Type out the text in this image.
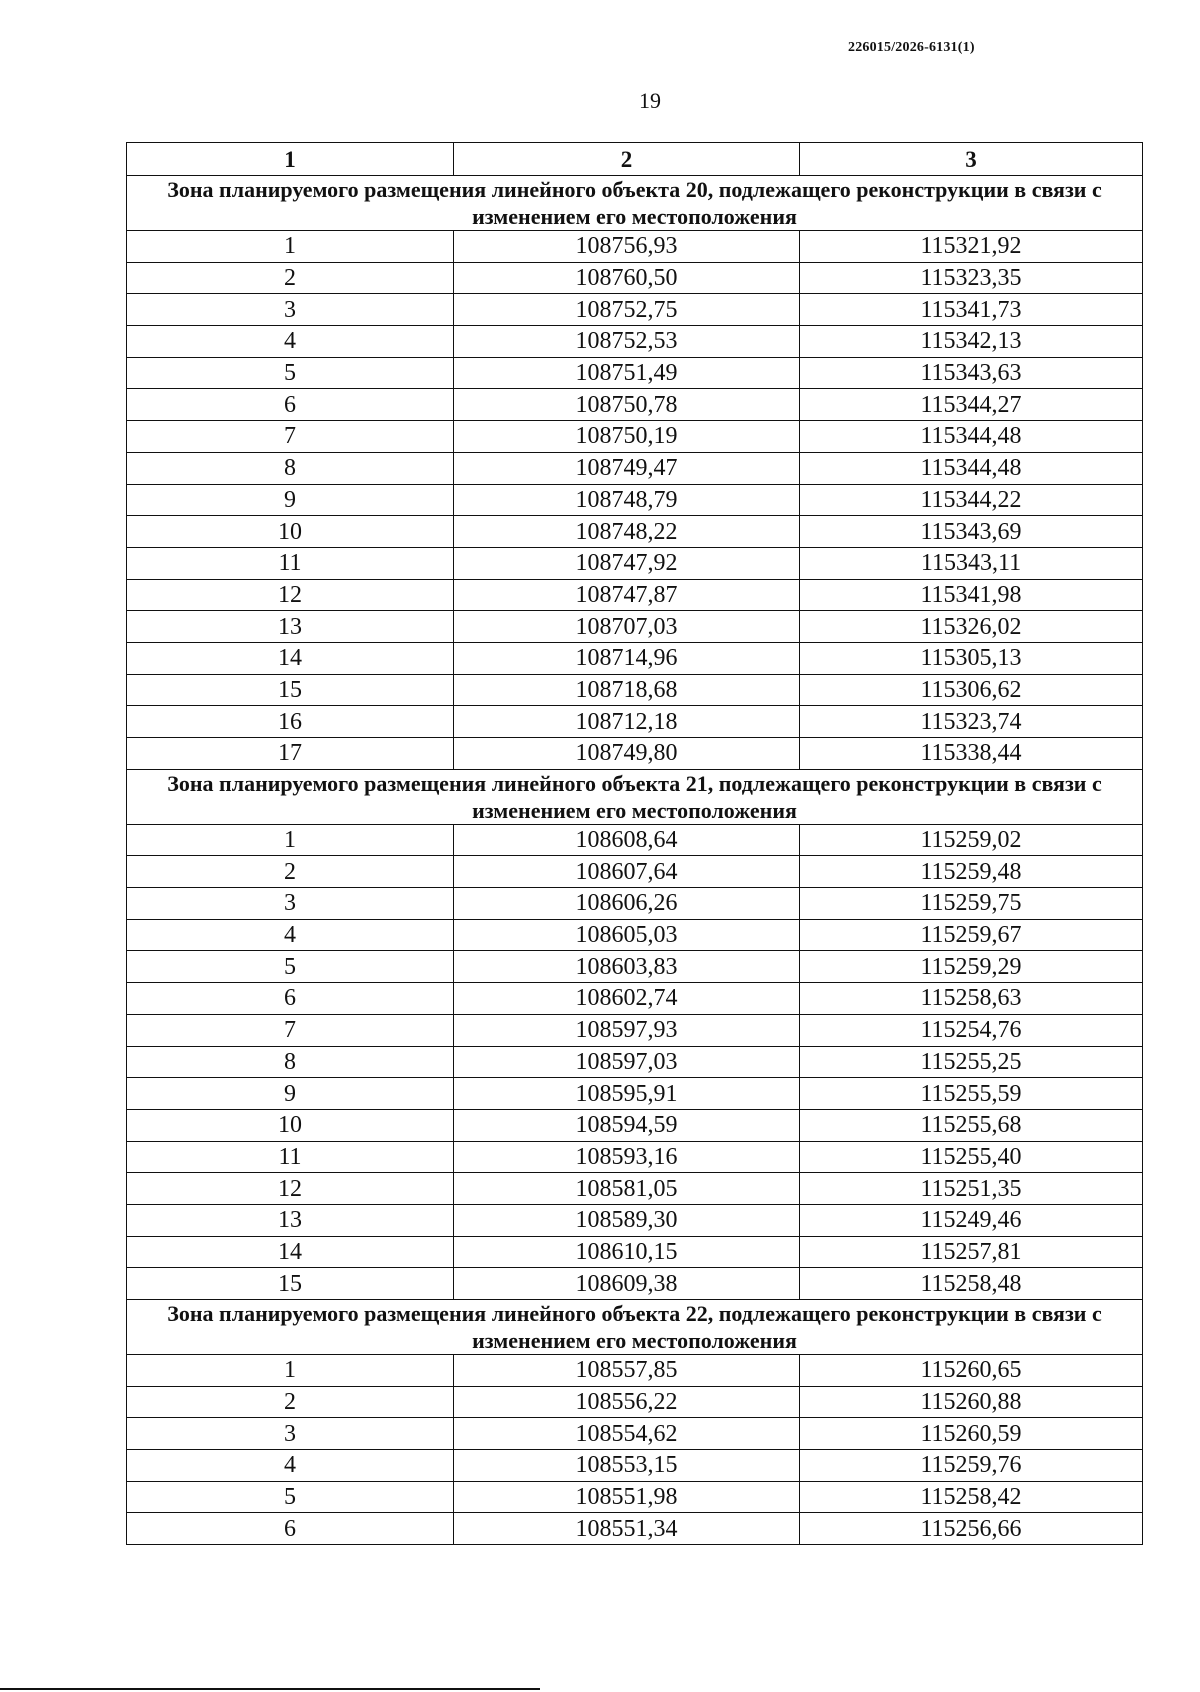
226015/2026-6131(1)
19
1	2	3
Зона планируемого размещения линейного объекта 20, подлежащего реконструкции в связи с изменением его местоположения		
1	108756,93	115321,92
2	108760,50	115323,35
3	108752,75	115341,73
4	108752,53	115342,13
5	108751,49	115343,63
6	108750,78	115344,27
7	108750,19	115344,48
8	108749,47	115344,48
9	108748,79	115344,22
10	108748,22	115343,69
11	108747,92	115343,11
12	108747,87	115341,98
13	108707,03	115326,02
14	108714,96	115305,13
15	108718,68	115306,62
16	108712,18	115323,74
17	108749,80	115338,44
Зона планируемого размещения линейного объекта 21, подлежащего реконструкции в связи с изменением его местоположения		
1	108608,64	115259,02
2	108607,64	115259,48
3	108606,26	115259,75
4	108605,03	115259,67
5	108603,83	115259,29
6	108602,74	115258,63
7	108597,93	115254,76
8	108597,03	115255,25
9	108595,91	115255,59
10	108594,59	115255,68
11	108593,16	115255,40
12	108581,05	115251,35
13	108589,30	115249,46
14	108610,15	115257,81
15	108609,38	115258,48
Зона планируемого размещения линейного объекта 22, подлежащего реконструкции в связи с изменением его местоположения		
1	108557,85	115260,65
2	108556,22	115260,88
3	108554,62	115260,59
4	108553,15	115259,76
5	108551,98	115258,42
6	108551,34	115256,66
